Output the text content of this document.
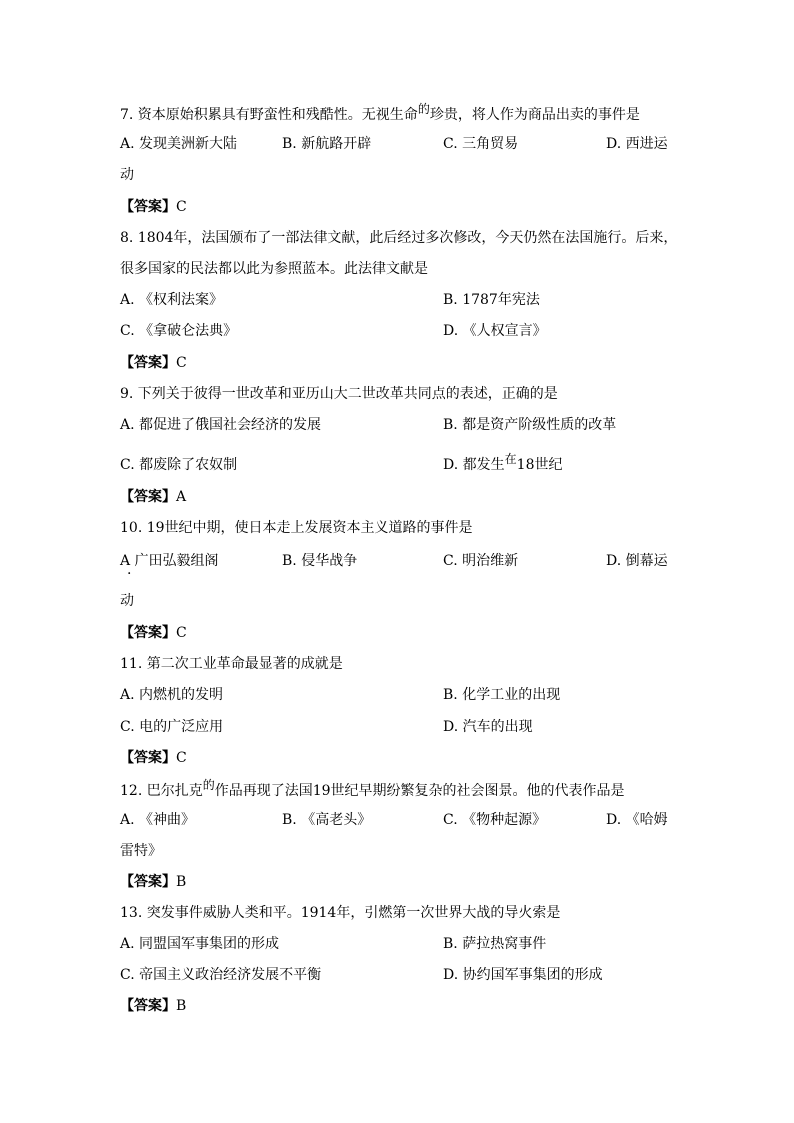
7. 资本原始积累具有野蛮性和残酷性。无视生命的珍贵，将人作为商品出卖的事件是
A. 发现美洲新大陆	B. 新航路开辟	C. 三角贸易	D. 西进运
动
【答案】C
8. 1804年，法国颁布了一部法律文献，此后经过多次修改，今天仍然在法国施行。后来，
很多国家的民法都以此为参照蓝本。此法律文献是
A. 《权利法案》	B. 1787年宪法
C. 《拿破仑法典》	D. 《人权宣言》
【答案】C
9. 下列关于彼得一世改革和亚历山大二世改革共同点的表述，正确的是
A. 都促进了俄国社会经济的发展	B. 都是资产阶级性质的改革
C. 都废除了农奴制	D. 都发生在18世纪
【答案】A
10. 19世纪中期，使日本走上发展资本主义道路的事件是
A 广田弘毅组阁
·
B. 侵华战争	C. 明治维新	D. 倒幕运
动
【答案】C
11. 第二次工业革命最显著的成就是
A. 内燃机的发明	B. 化学工业的出现
C. 电的广泛应用	D. 汽车的出现
【答案】C
12. 巴尔扎克的作品再现了法国19世纪早期纷繁复杂的社会图景。他的代表作品是
A. 《神曲》	B. 《高老头》	C. 《物种起源》	D. 《哈姆
雷特》
【答案】B
13. 突发事件威胁人类和平。1914年，引燃第一次世界大战的导火索是
A. 同盟国军事集团的形成	B. 萨拉热窝事件
C. 帝国主义政治经济发展不平衡	D. 协约国军事集团的形成
【答案】B
